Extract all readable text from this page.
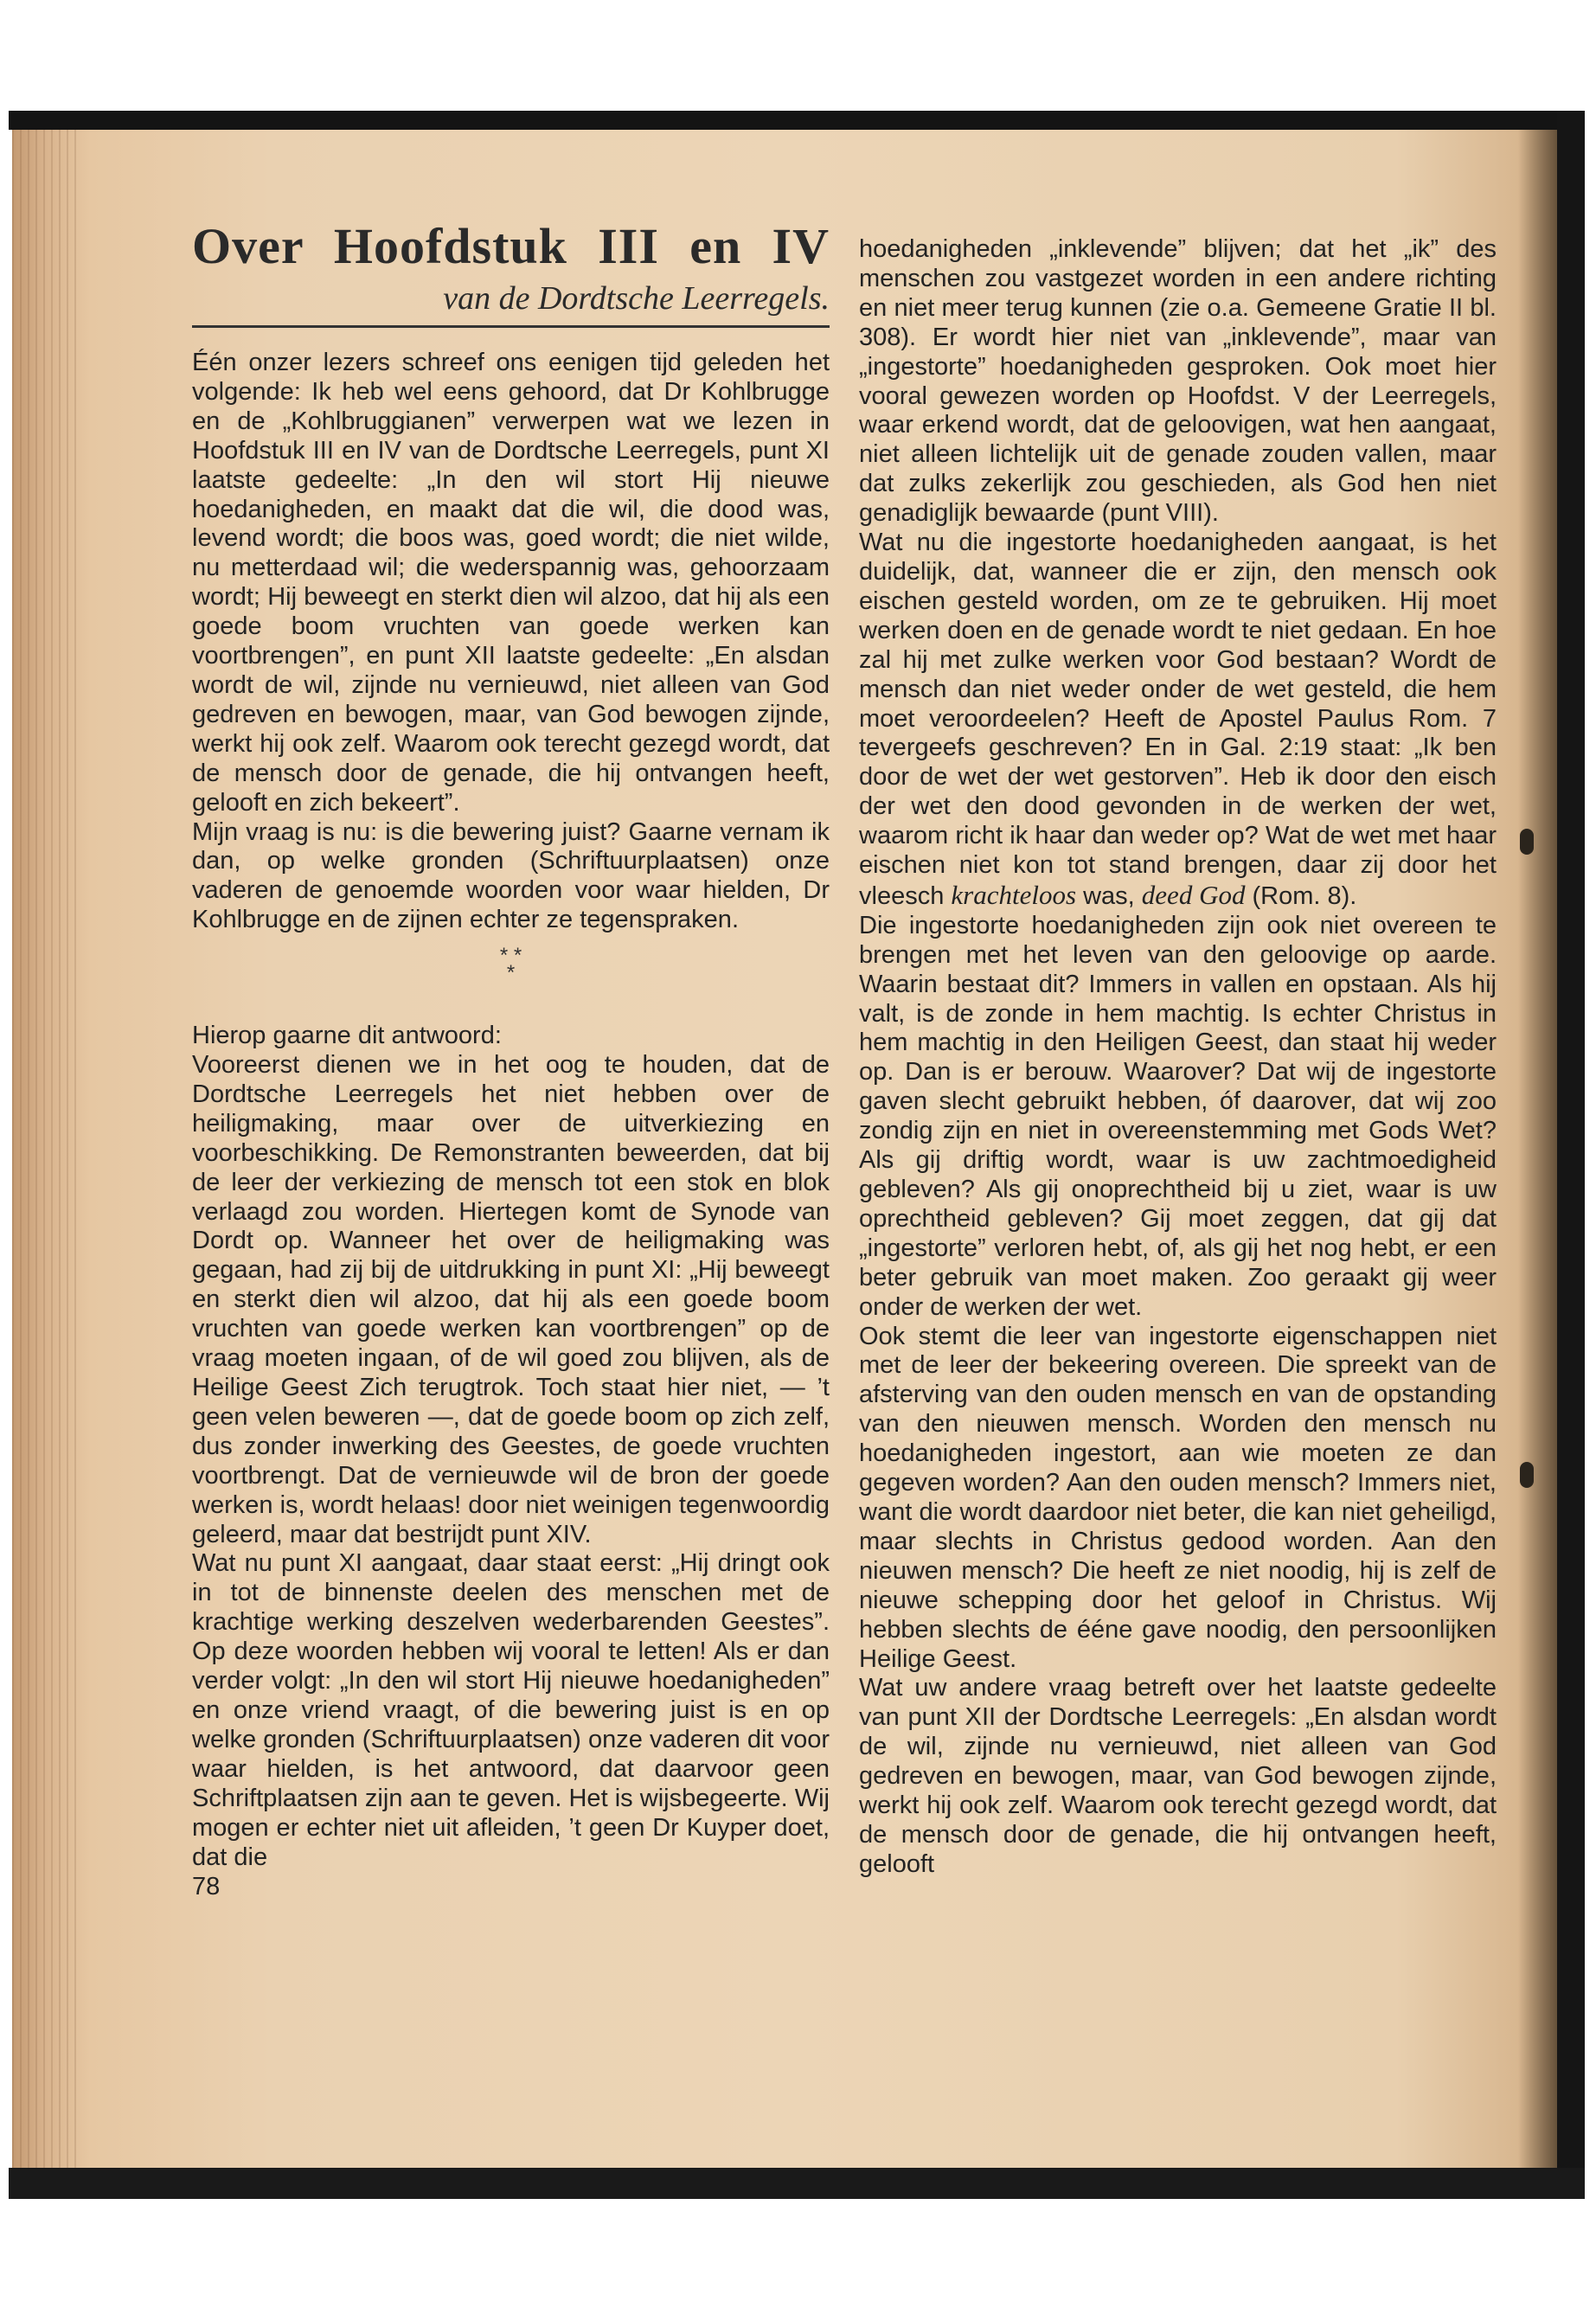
Over Hoofdstuk III en IV
van de Dordtsche Leerregels.

Één onzer lezers schreef ons eenigen tijd geleden het volgende: Ik heb wel eens gehoord, dat Dr Kohlbrugge en de „Kohlbruggianen” verwerpen wat we lezen in Hoofdstuk III en IV van de Dordtsche Leerregels, punt XI laatste gedeelte: „In den wil stort Hij nieuwe hoedanigheden, en maakt dat die wil, die dood was, levend wordt; die boos was, goed wordt; die niet wilde, nu metterdaad wil; die wederspannig was, gehoorzaam wordt; Hij beweegt en sterkt dien wil alzoo, dat hij als een goede boom vruchten van goede werken kan voortbrengen”, en punt XII laatste gedeelte: „En alsdan wordt de wil, zijnde nu vernieuwd, niet alleen van God gedreven en bewogen, maar, van God bewogen zijnde, werkt hij ook zelf. Waarom ook terecht gezegd wordt, dat de mensch door de genade, die hij ontvangen heeft, gelooft en zich bekeert”.

Mijn vraag is nu: is die bewering juist? Gaarne vernam ik dan, op welke gronden (Schriftuurplaatsen) onze vaderen de genoemde woorden voor waar hielden, Dr Kohlbrugge en de zijnen echter ze tegenspraken.

* *
*

Hierop gaarne dit antwoord:

Vooreerst dienen we in het oog te houden, dat de Dordtsche Leerregels het niet hebben over de heiligmaking, maar over de uitverkiezing en voorbeschikking. De Remonstranten beweerden, dat bij de leer der verkiezing de mensch tot een stok en blok verlaagd zou worden. Hiertegen komt de Synode van Dordt op. Wanneer het over de heiligmaking was gegaan, had zij bij de uitdrukking in punt XI: „Hij beweegt en sterkt dien wil alzoo, dat hij als een goede boom vruchten van goede werken kan voortbrengen” op de vraag moeten ingaan, of de wil goed zou blijven, als de Heilige Geest Zich terugtrok. Toch staat hier niet, — ’t geen velen beweren —, dat de goede boom op zich zelf, dus zonder inwerking des Geestes, de goede vruchten voortbrengt. Dat de vernieuwde wil de bron der goede werken is, wordt helaas! door niet weinigen tegenwoordig geleerd, maar dat bestrijdt punt XIV.

Wat nu punt XI aangaat, daar staat eerst: „Hij dringt ook in tot de binnenste deelen des menschen met de krachtige werking deszelven wederbarenden Geestes”. Op deze woorden hebben wij vooral te letten! Als er dan verder volgt: „In den wil stort Hij nieuwe hoedanigheden” en onze vriend vraagt, of die bewering juist is en op welke gronden (Schriftuurplaatsen) onze vaderen dit voor waar hielden, is het antwoord, dat daarvoor geen Schriftplaatsen zijn aan te geven. Het is wijsbegeerte. Wij mogen er echter niet uit afleiden, ’t geen Dr Kuyper doet, dat die

78

hoedanigheden „inklevende” blijven; dat het „ik” des menschen zou vastgezet worden in een andere richting en niet meer terug kunnen (zie o.a. Gemeene Gratie II bl. 308). Er wordt hier niet van „inklevende”, maar van „ingestorte” hoedanigheden gesproken. Ook moet hier vooral gewezen worden op Hoofdst. V der Leerregels, waar erkend wordt, dat de geloovigen, wat hen aangaat, niet alleen lichtelijk uit de genade zouden vallen, maar dat zulks zekerlijk zou geschieden, als God hen niet genadiglijk bewaarde (punt VIII).

Wat nu die ingestorte hoedanigheden aangaat, is het duidelijk, dat, wanneer die er zijn, den mensch ook eischen gesteld worden, om ze te gebruiken. Hij moet werken doen en de genade wordt te niet gedaan. En hoe zal hij met zulke werken voor God bestaan? Wordt de mensch dan niet weder onder de wet gesteld, die hem moet veroordeelen? Heeft de Apostel Paulus Rom. 7 tevergeefs geschreven? En in Gal. 2:19 staat: „Ik ben door de wet der wet gestorven”. Heb ik door den eisch der wet den dood gevonden in de werken der wet, waarom richt ik haar dan weder op? Wat de wet met haar eischen niet kon tot stand brengen, daar zij door het vleesch krachteloos was, deed God (Rom. 8).

Die ingestorte hoedanigheden zijn ook niet overeen te brengen met het leven van den geloovige op aarde. Waarin bestaat dit? Immers in vallen en opstaan. Als hij valt, is de zonde in hem machtig. Is echter Christus in hem machtig in den Heiligen Geest, dan staat hij weder op. Dan is er berouw. Waarover? Dat wij de ingestorte gaven slecht gebruikt hebben, óf daarover, dat wij zoo zondig zijn en niet in overeenstemming met Gods Wet? Als gij driftig wordt, waar is uw zachtmoedigheid gebleven? Als gij onoprechtheid bij u ziet, waar is uw oprechtheid gebleven? Gij moet zeggen, dat gij dat „ingestorte” verloren hebt, of, als gij het nog hebt, er een beter gebruik van moet maken. Zoo geraakt gij weer onder de werken der wet.

Ook stemt die leer van ingestorte eigenschappen niet met de leer der bekeering overeen. Die spreekt van de afsterving van den ouden mensch en van de opstanding van den nieuwen mensch. Worden den mensch nu hoedanigheden ingestort, aan wie moeten ze dan gegeven worden? Aan den ouden mensch? Immers niet, want die wordt daardoor niet beter, die kan niet geheiligd, maar slechts in Christus gedood worden. Aan den nieuwen mensch? Die heeft ze niet noodig, hij is zelf de nieuwe schepping door het geloof in Christus. Wij hebben slechts de ééne gave noodig, den persoonlijken Heilige Geest.

Wat uw andere vraag betreft over het laatste gedeelte van punt XII der Dordtsche Leerregels: „En alsdan wordt de wil, zijnde nu vernieuwd, niet alleen van God gedreven en bewogen, maar, van God bewogen zijnde, werkt hij ook zelf. Waarom ook terecht gezegd wordt, dat de mensch door de genade, die hij ontvangen heeft, gelooft
